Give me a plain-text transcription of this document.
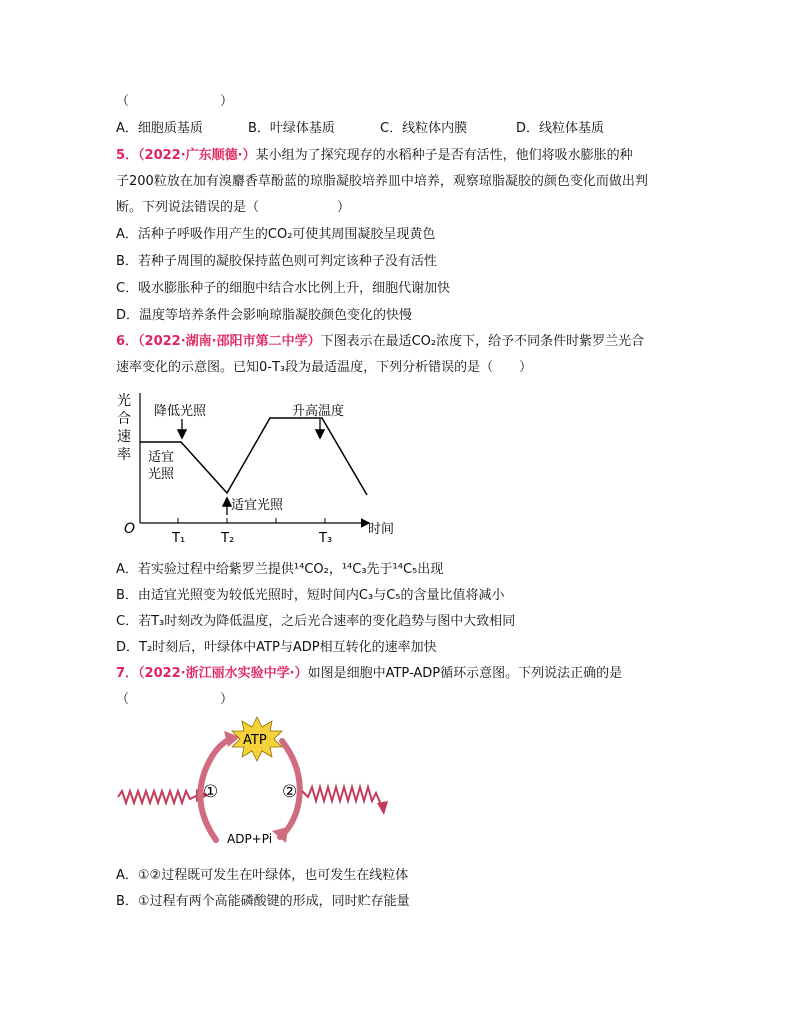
（　　　　　　　）
A．细胞质基质	B．叶绿体基质	C．线粒体内膜	D．线粒体基质
5．（2022·广东顺德·）某小组为了探究现存的水稻种子是否有活性，他们将吸水膨胀的种
子200粒放在加有溴麝香草酚蓝的琼脂凝胶培养皿中培养，观察琼脂凝胶的颜色变化而做出判
断。下列说法错误的是（　　　　　　）
A．活种子呼吸作用产生的CO₂可使其周围凝胶呈现黄色
B．若种子周围的凝胶保持蓝色则可判定该种子没有活性
C．吸水膨胀种子的细胞中结合水比例上升，细胞代谢加快
D．温度等培养条件会影响琼脂凝胶颜色变化的快慢
6．（2022·湖南·邵阳市第二中学）下图表示在最适CO₂浓度下，给予不同条件时紫罗兰光合
速率变化的示意图。已知0-T₃段为最适温度，下列分析错误的是（　　）
光
合
速
率
O	时间
T₁	T₂	T₃
降低光照	升高温度
适宜
光照
适宜光照
A．若实验过程中给紫罗兰提供¹⁴CO₂，¹⁴C₃先于¹⁴C₅出现
B．由适宜光照变为较低光照时，短时间内C₃与C₅的含量比值将减小
C．若T₃时刻改为降低温度，之后光合速率的变化趋势与图中大致相同
D．T₂时刻后，叶绿体中ATP与ADP相互转化的速率加快
7．（2022·浙江丽水实验中学·）如图是细胞中ATP-ADP循环示意图。下列说法正确的是
（　　　　　　　）
ATP
ADP+Pi
①	②
A．①②过程既可发生在叶绿体，也可发生在线粒体
B．①过程有两个高能磷酸键的形成，同时贮存能量
